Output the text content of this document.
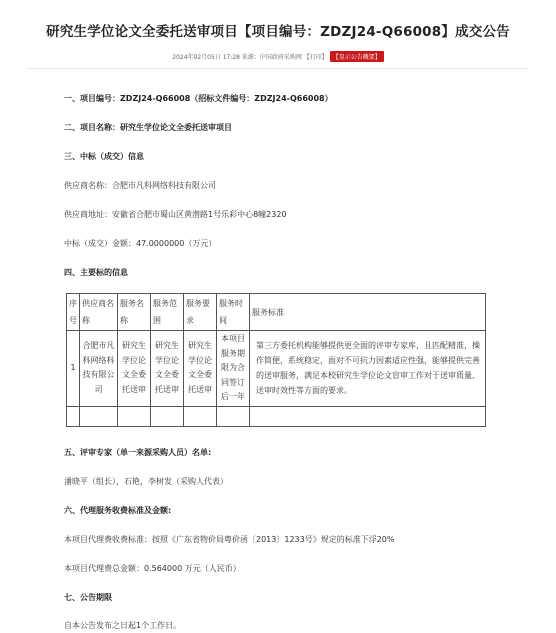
研究生学位论文全委托送审项目【项目编号：ZDZJ24-Q66008】成交公告
2024年02月05日 17:28 来源：中国政府采购网 【打印】 【显示公告概要】
一、项目编号：ZDZJ24-Q66008（招标文件编号：ZDZJ24-Q66008）
二、项目名称：研究生学位论文全委托送审项目
三、中标（成交）信息
供应商名称：合肥市凡科网络科技有限公司
供应商地址：安徽省合肥市蜀山区黄潜路1号乐彩中心8幢2320
中标（成交）金额：47.0000000（万元）
四、主要标的信息
序号	供应商名称	服务名称	服务范围	服务要求	服务时间	服务标准
1	合肥市凡科网络科技有限公司	研究生学位论文全委托送审	研究生学位论文全委托送审	研究生学位论文全委托送审	本项目服务期限为合同签订后一年	第三方委托机构能够提供更全面的评审专家库，且匹配精准，操作简便，系统稳定，面对不可抗力因素适应性强，能够提供完善的送审服务，满足本校研究生学位论文盲审工作对于送审质量、送审时效性等方面的要求。

五、评审专家（单一来源采购人员）名单:
潘晓平（组长），石艳，李树发（采购人代表）
六、代理服务收费标准及金额:
本项目代理费收费标准：按照《广东省物价局粤价函〔2013〕1233号》规定的标准下浮20%
本项目代理费总金额：0.564000 万元（人民币）
七、公告期限
自本公告发布之日起1个工作日。
